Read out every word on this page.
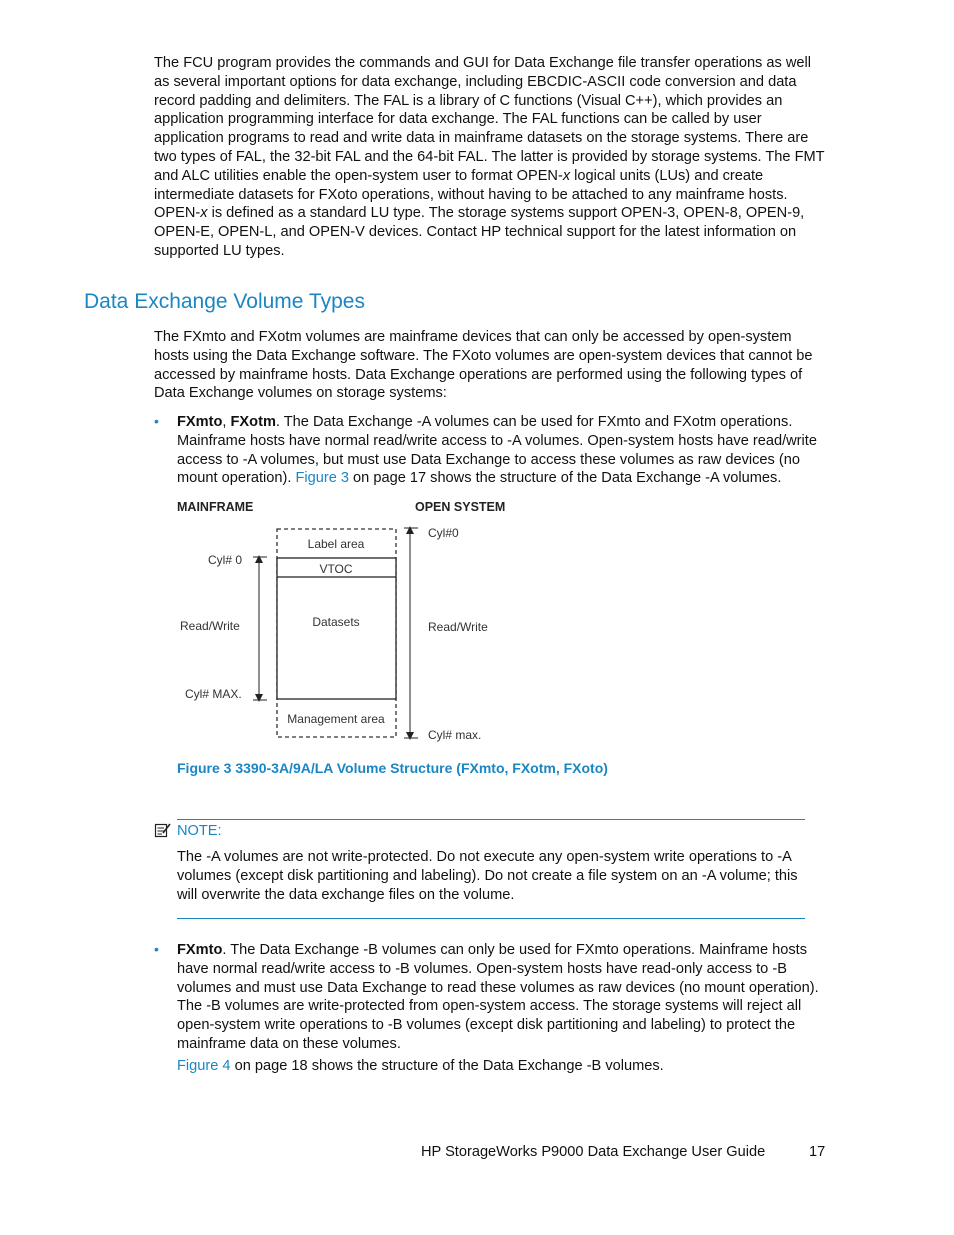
The FCU program provides the commands and GUI for Data Exchange file transfer operations as well as several important options for data exchange, including EBCDIC-ASCII code conversion and data record padding and delimiters. The FAL is a library of C functions (Visual C++), which provides an application programming interface for data exchange. The FAL functions can be called by user application programs to read and write data in mainframe datasets on the storage systems. There are two types of FAL, the 32-bit FAL and the 64-bit FAL. The latter is provided by storage systems. The FMT and ALC utilities enable the open-system user to format OPEN-x logical units (LUs) and create intermediate datasets for FXoto operations, without having to be attached to any mainframe hosts. OPEN-x is defined as a standard LU type. The storage systems support OPEN-3, OPEN-8, OPEN-9, OPEN-E, OPEN-L, and OPEN-V devices. Contact HP technical support for the latest information on supported LU types.

Data Exchange Volume Types

The FXmto and FXotm volumes are mainframe devices that can only be accessed by open-system hosts using the Data Exchange software. The FXoto volumes are open-system devices that cannot be accessed by mainframe hosts. Data Exchange operations are performed using the following types of Data Exchange volumes on storage systems:

• FXmto, FXotm. The Data Exchange -A volumes can be used for FXmto and FXotm operations. Mainframe hosts have normal read/write access to -A volumes. Open-system hosts have read/write access to -A volumes, but must use Data Exchange to access these volumes as raw devices (no mount operation). Figure 3 on page 17 shows the structure of the Data Exchange -A volumes.

MAINFRAME	OPEN SYSTEM
Label area
VTOC
Datasets
Management area
Cyl# 0
Read/Write
Cyl# MAX.
Cyl#0
Read/Write
Cyl# max.
Figure 3 3390-3A/9A/LA Volume Structure (FXmto, FXotm, FXoto)
NOTE:

The -A volumes are not write-protected. Do not execute any open-system write operations to -A volumes (except disk partitioning and labeling). Do not create a file system on an -A volume; this will overwrite the data exchange files on the volume.

• FXmto. The Data Exchange -B volumes can only be used for FXmto operations. Mainframe hosts have normal read/write access to -B volumes. Open-system hosts have read-only access to -B volumes and must use Data Exchange to read these volumes as raw devices (no mount operation). The -B volumes are write-protected from open-system access. The storage systems will reject all open-system write operations to -B volumes (except disk partitioning and labeling) to protect the mainframe data on these volumes.

Figure 4 on page 18 shows the structure of the Data Exchange -B volumes.

HP StorageWorks P9000 Data Exchange User Guide	17
